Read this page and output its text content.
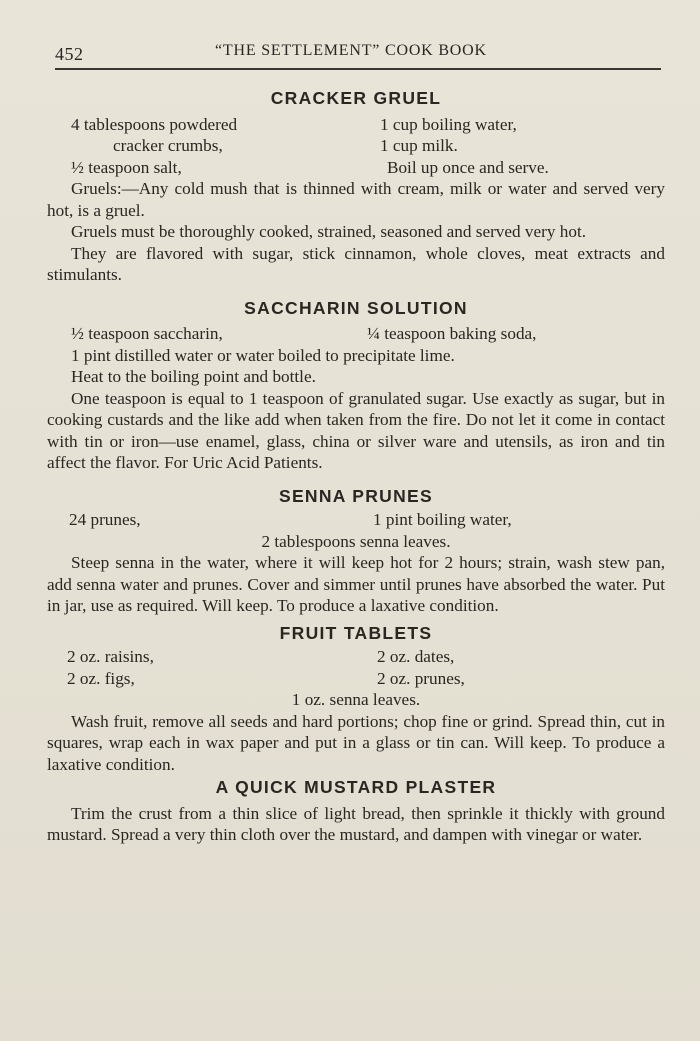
452	“THE SETTLEMENT” COOK BOOK
CRACKER GRUEL
4 tablespoons powdered	1 cup boiling water,
cracker crumbs,	1 cup milk.
½ teaspoon salt,	Boil up once and serve.

Gruels:—Any cold mush that is thinned with cream, milk or water and served very hot, is a gruel.

Gruels must be thoroughly cooked, strained, seasoned and served very hot.

They are flavored with sugar, stick cinnamon, whole cloves, meat extracts and stimulants.

SACCHARIN SOLUTION
½ teaspoon saccharin,	¼ teaspoon baking soda,
1 pint distilled water or water boiled to precipitate lime.
Heat to the boiling point and bottle.

One teaspoon is equal to 1 teaspoon of granulated sugar. Use exactly as sugar, but in cooking custards and the like add when taken from the fire. Do not let it come in contact with tin or iron—use enamel, glass, china or silver ware and utensils, as iron and tin affect the flavor. For Uric Acid Patients.

SENNA PRUNES
24 prunes,	1 pint boiling water,
2 tablespoons senna leaves.

Steep senna in the water, where it will keep hot for 2 hours; strain, wash stew pan, add senna water and prunes. Cover and simmer until prunes have absorbed the water. Put in jar, use as required. Will keep. To produce a laxative condition.

FRUIT TABLETS
2 oz. raisins,	2 oz. dates,
2 oz. figs,	2 oz. prunes,
1 oz. senna leaves.

Wash fruit, remove all seeds and hard portions; chop fine or grind. Spread thin, cut in squares, wrap each in wax paper and put in a glass or tin can. Will keep. To produce a laxative condition.

A QUICK MUSTARD PLASTER

Trim the crust from a thin slice of light bread, then sprinkle it thickly with ground mustard. Spread a very thin cloth over the mustard, and dampen with vinegar or water.
